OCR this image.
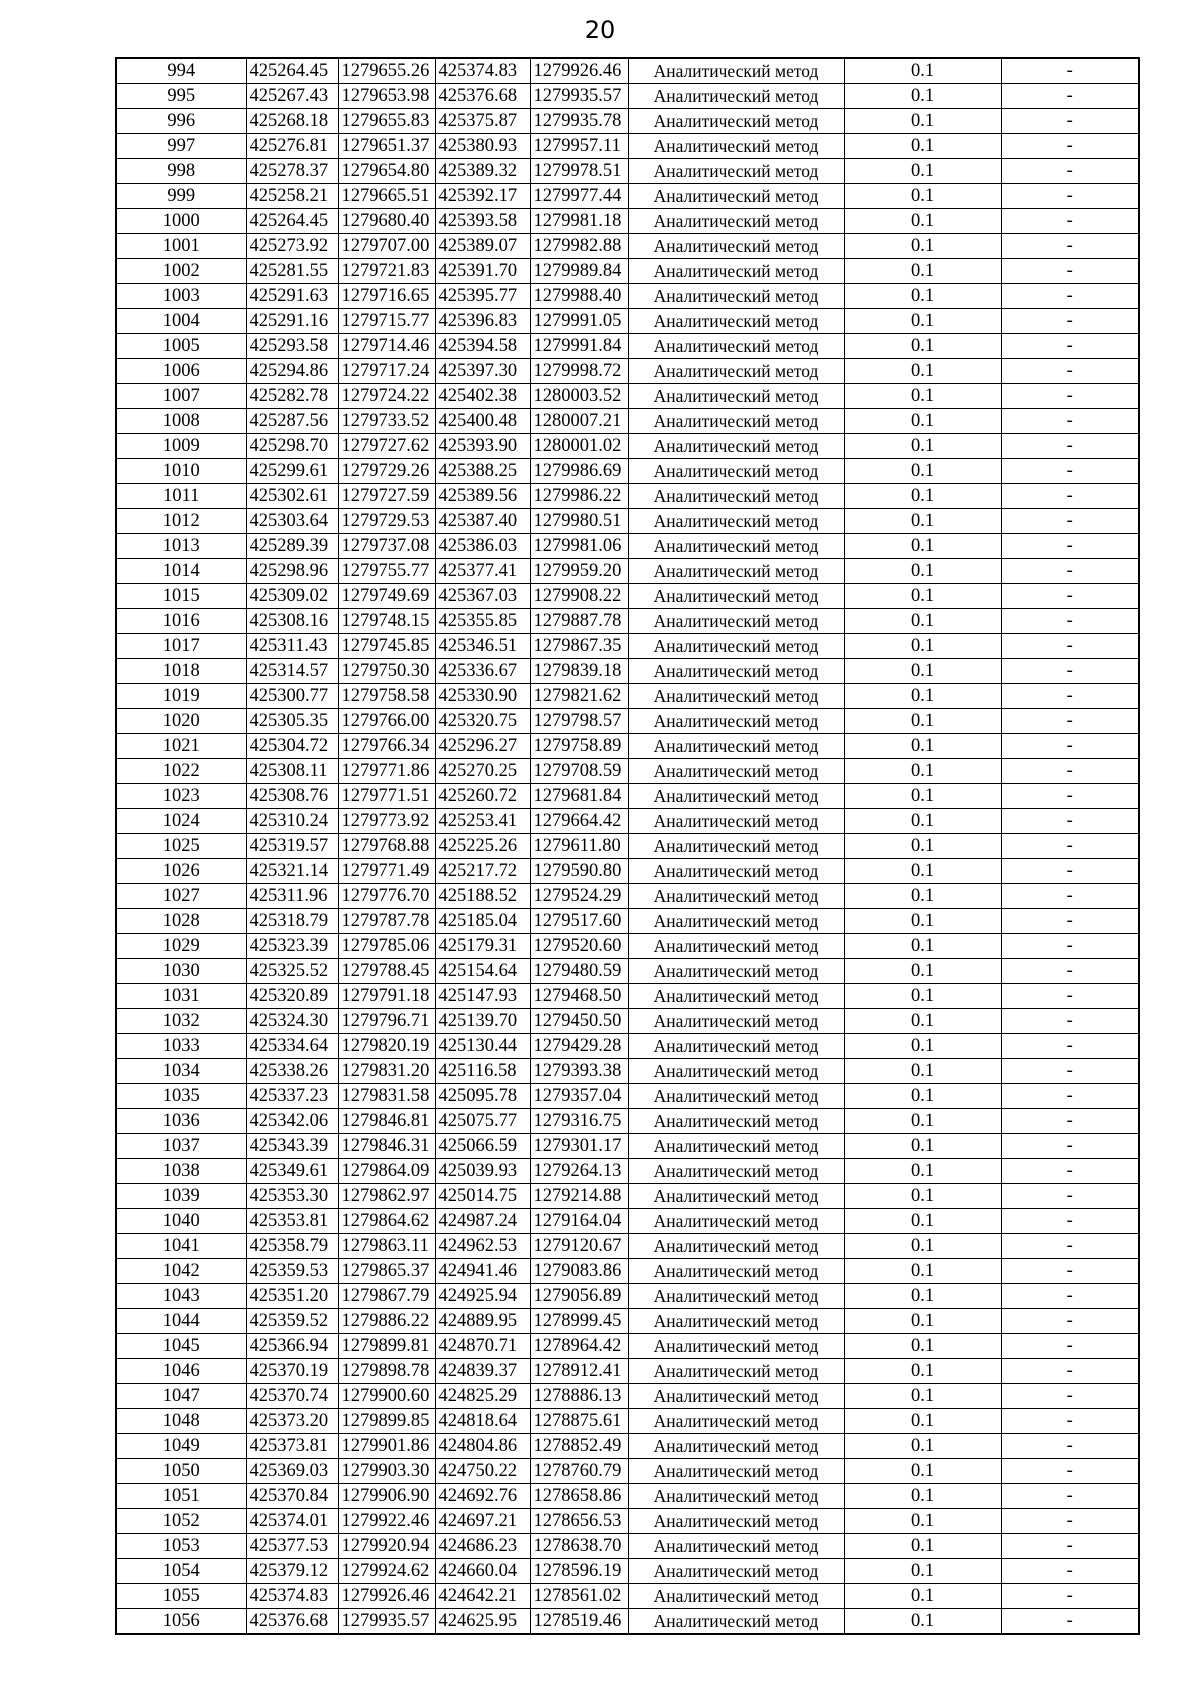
20
994	425264.45	1279655.26	425374.83	1279926.46	Аналитический метод	0.1	-
995	425267.43	1279653.98	425376.68	1279935.57	Аналитический метод	0.1	-
996	425268.18	1279655.83	425375.87	1279935.78	Аналитический метод	0.1	-
997	425276.81	1279651.37	425380.93	1279957.11	Аналитический метод	0.1	-
998	425278.37	1279654.80	425389.32	1279978.51	Аналитический метод	0.1	-
999	425258.21	1279665.51	425392.17	1279977.44	Аналитический метод	0.1	-
1000	425264.45	1279680.40	425393.58	1279981.18	Аналитический метод	0.1	-
1001	425273.92	1279707.00	425389.07	1279982.88	Аналитический метод	0.1	-
1002	425281.55	1279721.83	425391.70	1279989.84	Аналитический метод	0.1	-
1003	425291.63	1279716.65	425395.77	1279988.40	Аналитический метод	0.1	-
1004	425291.16	1279715.77	425396.83	1279991.05	Аналитический метод	0.1	-
1005	425293.58	1279714.46	425394.58	1279991.84	Аналитический метод	0.1	-
1006	425294.86	1279717.24	425397.30	1279998.72	Аналитический метод	0.1	-
1007	425282.78	1279724.22	425402.38	1280003.52	Аналитический метод	0.1	-
1008	425287.56	1279733.52	425400.48	1280007.21	Аналитический метод	0.1	-
1009	425298.70	1279727.62	425393.90	1280001.02	Аналитический метод	0.1	-
1010	425299.61	1279729.26	425388.25	1279986.69	Аналитический метод	0.1	-
1011	425302.61	1279727.59	425389.56	1279986.22	Аналитический метод	0.1	-
1012	425303.64	1279729.53	425387.40	1279980.51	Аналитический метод	0.1	-
1013	425289.39	1279737.08	425386.03	1279981.06	Аналитический метод	0.1	-
1014	425298.96	1279755.77	425377.41	1279959.20	Аналитический метод	0.1	-
1015	425309.02	1279749.69	425367.03	1279908.22	Аналитический метод	0.1	-
1016	425308.16	1279748.15	425355.85	1279887.78	Аналитический метод	0.1	-
1017	425311.43	1279745.85	425346.51	1279867.35	Аналитический метод	0.1	-
1018	425314.57	1279750.30	425336.67	1279839.18	Аналитический метод	0.1	-
1019	425300.77	1279758.58	425330.90	1279821.62	Аналитический метод	0.1	-
1020	425305.35	1279766.00	425320.75	1279798.57	Аналитический метод	0.1	-
1021	425304.72	1279766.34	425296.27	1279758.89	Аналитический метод	0.1	-
1022	425308.11	1279771.86	425270.25	1279708.59	Аналитический метод	0.1	-
1023	425308.76	1279771.51	425260.72	1279681.84	Аналитический метод	0.1	-
1024	425310.24	1279773.92	425253.41	1279664.42	Аналитический метод	0.1	-
1025	425319.57	1279768.88	425225.26	1279611.80	Аналитический метод	0.1	-
1026	425321.14	1279771.49	425217.72	1279590.80	Аналитический метод	0.1	-
1027	425311.96	1279776.70	425188.52	1279524.29	Аналитический метод	0.1	-
1028	425318.79	1279787.78	425185.04	1279517.60	Аналитический метод	0.1	-
1029	425323.39	1279785.06	425179.31	1279520.60	Аналитический метод	0.1	-
1030	425325.52	1279788.45	425154.64	1279480.59	Аналитический метод	0.1	-
1031	425320.89	1279791.18	425147.93	1279468.50	Аналитический метод	0.1	-
1032	425324.30	1279796.71	425139.70	1279450.50	Аналитический метод	0.1	-
1033	425334.64	1279820.19	425130.44	1279429.28	Аналитический метод	0.1	-
1034	425338.26	1279831.20	425116.58	1279393.38	Аналитический метод	0.1	-
1035	425337.23	1279831.58	425095.78	1279357.04	Аналитический метод	0.1	-
1036	425342.06	1279846.81	425075.77	1279316.75	Аналитический метод	0.1	-
1037	425343.39	1279846.31	425066.59	1279301.17	Аналитический метод	0.1	-
1038	425349.61	1279864.09	425039.93	1279264.13	Аналитический метод	0.1	-
1039	425353.30	1279862.97	425014.75	1279214.88	Аналитический метод	0.1	-
1040	425353.81	1279864.62	424987.24	1279164.04	Аналитический метод	0.1	-
1041	425358.79	1279863.11	424962.53	1279120.67	Аналитический метод	0.1	-
1042	425359.53	1279865.37	424941.46	1279083.86	Аналитический метод	0.1	-
1043	425351.20	1279867.79	424925.94	1279056.89	Аналитический метод	0.1	-
1044	425359.52	1279886.22	424889.95	1278999.45	Аналитический метод	0.1	-
1045	425366.94	1279899.81	424870.71	1278964.42	Аналитический метод	0.1	-
1046	425370.19	1279898.78	424839.37	1278912.41	Аналитический метод	0.1	-
1047	425370.74	1279900.60	424825.29	1278886.13	Аналитический метод	0.1	-
1048	425373.20	1279899.85	424818.64	1278875.61	Аналитический метод	0.1	-
1049	425373.81	1279901.86	424804.86	1278852.49	Аналитический метод	0.1	-
1050	425369.03	1279903.30	424750.22	1278760.79	Аналитический метод	0.1	-
1051	425370.84	1279906.90	424692.76	1278658.86	Аналитический метод	0.1	-
1052	425374.01	1279922.46	424697.21	1278656.53	Аналитический метод	0.1	-
1053	425377.53	1279920.94	424686.23	1278638.70	Аналитический метод	0.1	-
1054	425379.12	1279924.62	424660.04	1278596.19	Аналитический метод	0.1	-
1055	425374.83	1279926.46	424642.21	1278561.02	Аналитический метод	0.1	-
1056	425376.68	1279935.57	424625.95	1278519.46	Аналитический метод	0.1	-
